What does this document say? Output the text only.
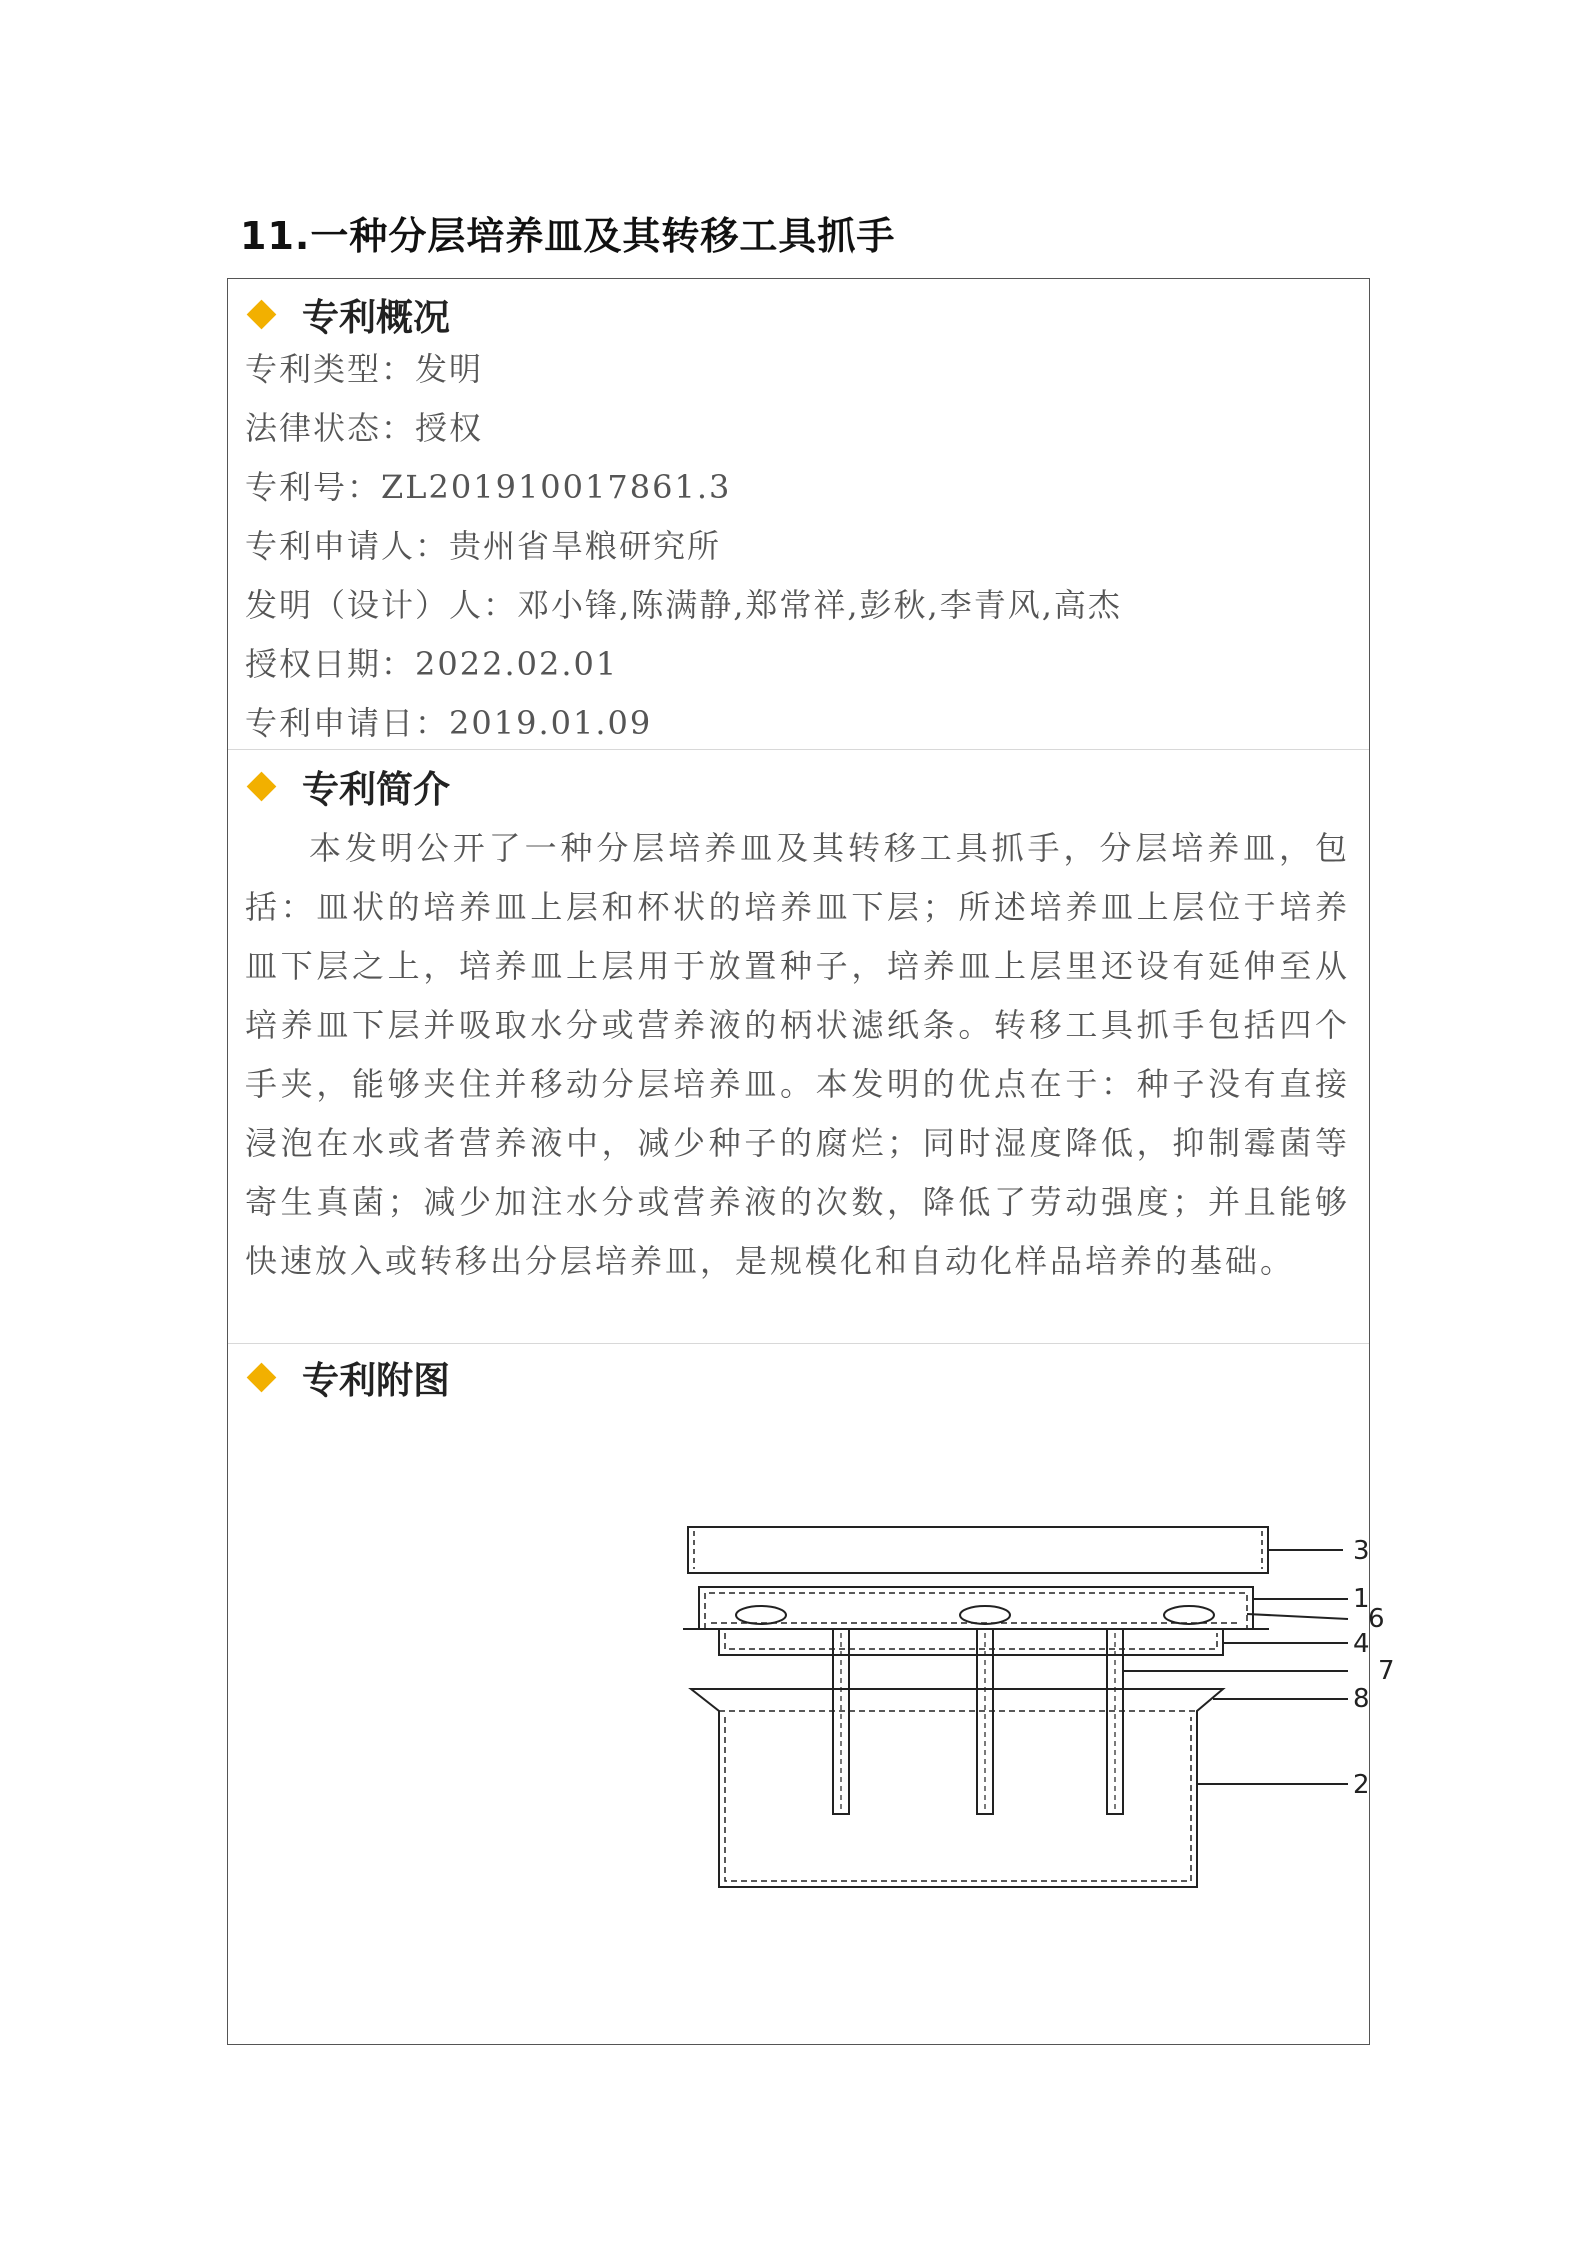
11.一种分层培养皿及其转移工具抓手
专利概况
专利类型：发明
法律状态：授权
专利号：ZL201910017861.3
专利申请人：贵州省旱粮研究所
发明（设计）人：邓小锋,陈满静,郑常祥,彭秋,李青风,高杰
授权日期：2022.02.01
专利申请日：2019.01.09
专利简介

本发明公开了一种分层培养皿及其转移工具抓手，分层培养皿，包括：皿状的培养皿上层和杯状的培养皿下层；所述培养皿上层位于培养皿下层之上，培养皿上层用于放置种子，培养皿上层里还设有延伸至从培养皿下层并吸取水分或营养液的柄状滤纸条。转移工具抓手包括四个手夹，能够夹住并移动分层培养皿。本发明的优点在于：种子没有直接浸泡在水或者营养液中，减少种子的腐烂；同时湿度降低，抑制霉菌等寄生真菌；减少加注水分或营养液的次数，降低了劳动强度；并且能够快速放入或转移出分层培养皿，是规模化和自动化样品培养的基础。

专利附图
3
1
6
4
7
8
2
